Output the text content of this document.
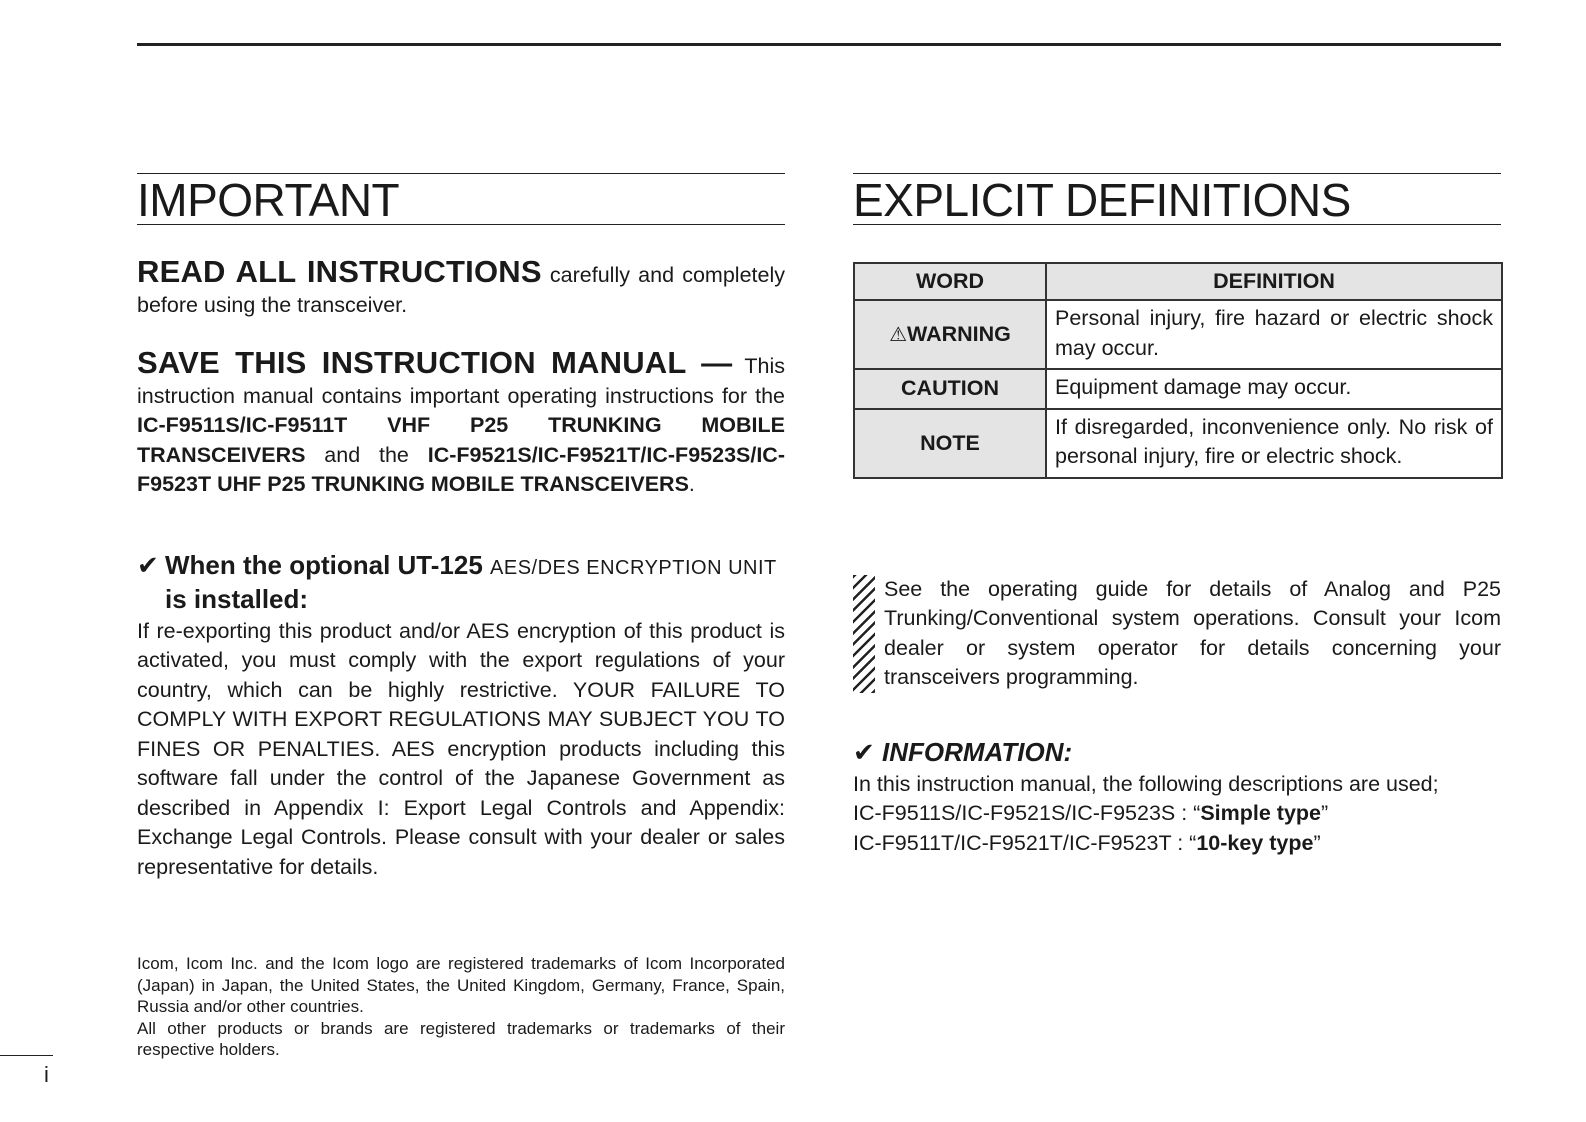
IMPORTANT

READ ALL INSTRUCTIONS carefully and completely before using the transceiver.

SAVE THIS INSTRUCTION MANUAL — This instruction manual contains important operating instructions for the IC-F9511S/IC-F9511T VHF P25 TRUNKING MOBILE TRANSCEIVERS and the IC-F9521S/IC-F9521T/IC-F9523S/IC-F9523T UHF P25 TRUNKING MOBILE TRANSCEIVERS.

✔ When the optional UT-125 AES/DES ENCRYPTION UNIT is installed:

If re-exporting this product and/or AES encryption of this product is activated, you must comply with the export regulations of your country, which can be highly restrictive. YOUR FAILURE TO COMPLY WITH EXPORT REGULATIONS MAY SUBJECT YOU TO FINES OR PENALTIES. AES encryption products including this software fall under the control of the Japanese Government as described in Appendix I: Export Legal Controls and Appendix: Exchange Legal Controls. Please consult with your dealer or sales representative for details.

Icom, Icom Inc. and the Icom logo are registered trademarks of Icom Incorporated (Japan) in Japan, the United States, the United Kingdom, Germany, France, Spain, Russia and/or other countries.
All other products or brands are registered trademarks or trademarks of their respective holders.
EXPLICIT DEFINITIONS
WORD	DEFINITION
⚠WARNING	Personal injury, fire hazard or electric shock may occur.
CAUTION	Equipment damage may occur.
NOTE	If disregarded, inconvenience only. No risk of personal injury, fire or electric shock.

See the operating guide for details of Analog and P25 Trunking/Conventional system operations. Consult your Icom dealer or system operator for details concerning your transceivers programming.

✔ INFORMATION:
In this instruction manual, the following descriptions are used;
IC-F9511S/IC-F9521S/IC-F9523S : “Simple type”
IC-F9511T/IC-F9521T/IC-F9523T : “10-key type”
i
